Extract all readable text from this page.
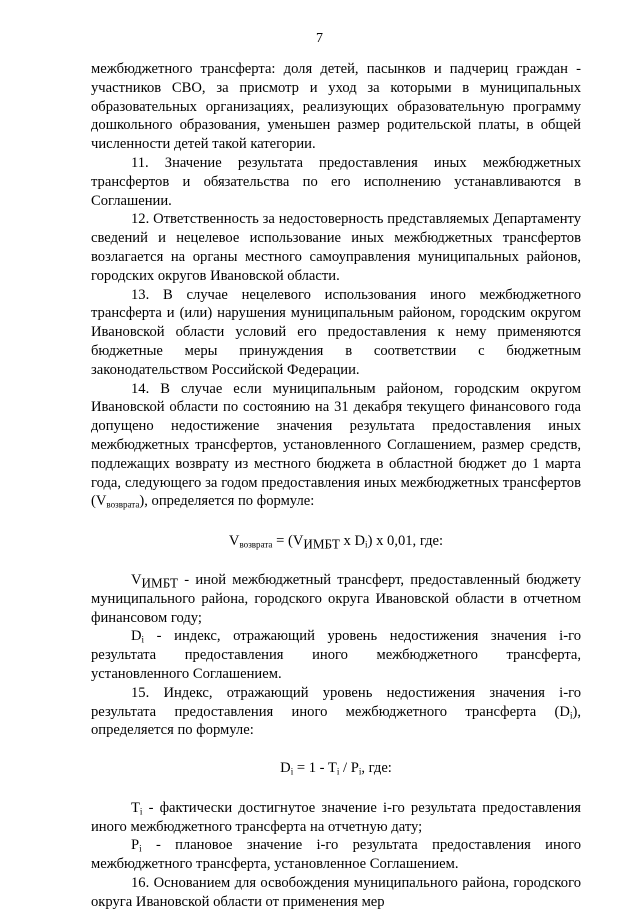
7

межбюджетного трансферта: доля детей, пасынков и падчериц граждан - участников СВО, за присмотр и уход за которыми в муниципальных образовательных организациях, реализующих образовательную программу дошкольного образования, уменьшен размер родительской платы, в общей численности детей такой категории.

11. Значение результата предоставления иных межбюджетных трансфертов и обязательства по его исполнению устанавливаются в Соглашении.

12. Ответственность за недостоверность представляемых Департаменту сведений и нецелевое использование иных межбюджетных трансфертов возлагается на органы местного самоуправления муниципальных районов, городских округов Ивановской области.

13. В случае нецелевого использования иного межбюджетного трансферта и (или) нарушения муниципальным районом, городским округом Ивановской области условий его предоставления к нему применяются бюджетные меры принуждения в соответствии с бюджетным законодательством Российской Федерации.

14. В случае если муниципальным районом, городским округом Ивановской области по состоянию на 31 декабря текущего финансового года допущено недостижение значения результата предоставления иных межбюджетных трансфертов, установленного Соглашением, размер средств, подлежащих возврату из местного бюджета в областной бюджет до 1 марта года, следующего за годом предоставления иных межбюджетных трансфертов $(V_{возврата})$, определяется по формуле:

$V_{возврата} = (V_{ИМБТ}$ x $D_i$) x 0,01, где:

$V_{ИМБТ}$ - иной межбюджетный трансферт, предоставленный бюджету муниципального района, городского округа Ивановской области в отчетном финансовом году;

$D_i$ - индекс, отражающий уровень недостижения значения i-го результата предоставления иного межбюджетного трансферта, установленного Соглашением.

15. Индекс, отражающий уровень недостижения значения i-го результата предоставления иного межбюджетного трансферта $(D_i)$, определяется по формуле:

$D_i = 1 - T_i / P_i$, где:

$T_i$ - фактически достигнутое значение i-го результата предоставления иного межбюджетного трансферта на отчетную дату;

$P_i$ - плановое значение i-го результата предоставления иного межбюджетного трансферта, установленное Соглашением.

16. Основанием для освобождения муниципального района, городского округа Ивановской области от применения мер
